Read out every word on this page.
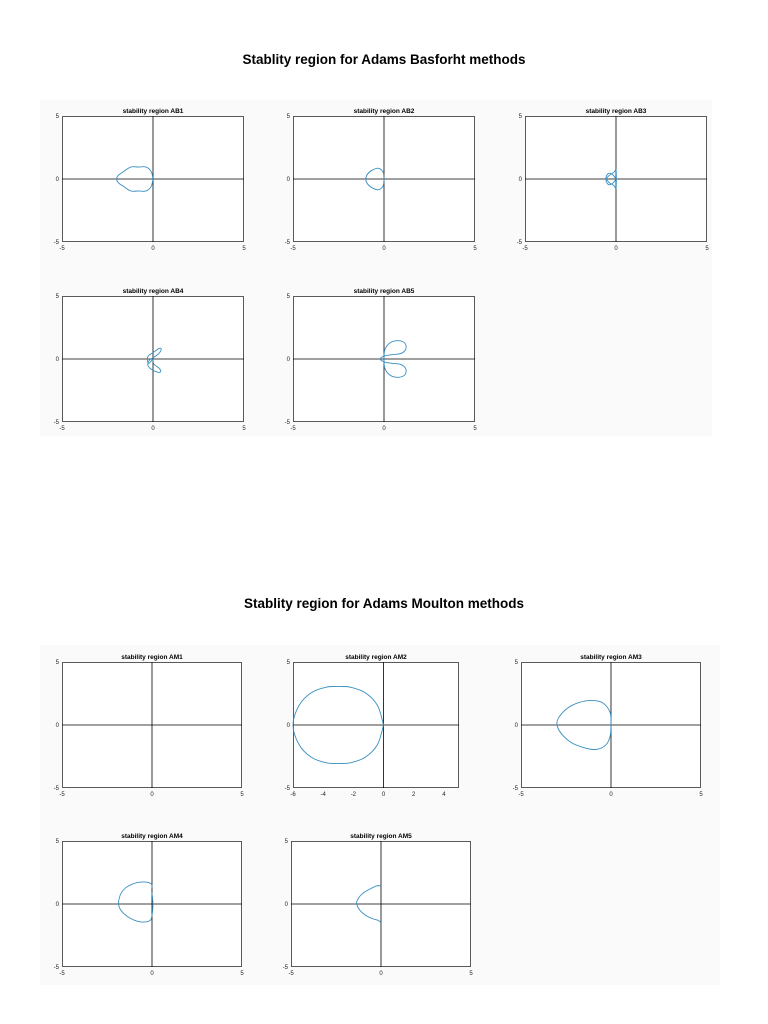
Stablity region for Adams Basforht methods
Stablity region for Adams Moulton methods
stability region AB1
-5	0	5
5
0
-5
stability region AB2
-5	0	5
5
0
-5
stability region AB3
-5	0	5
5
0
-5
stability region AB4
-5	0	5
5
0
-5
stability region AB5
-5	0	5
5
0
-5
stability region AM1
-5	0	5
5
0
-5
stability region AM2
-6	-4	-2	0	2	4
5
0
-5
stability region AM3
-5	0	5
5
0
-5
stability region AM4
-5	0	5
5
0
-5
stability region AM5
-5	0	5
5
0
-5
